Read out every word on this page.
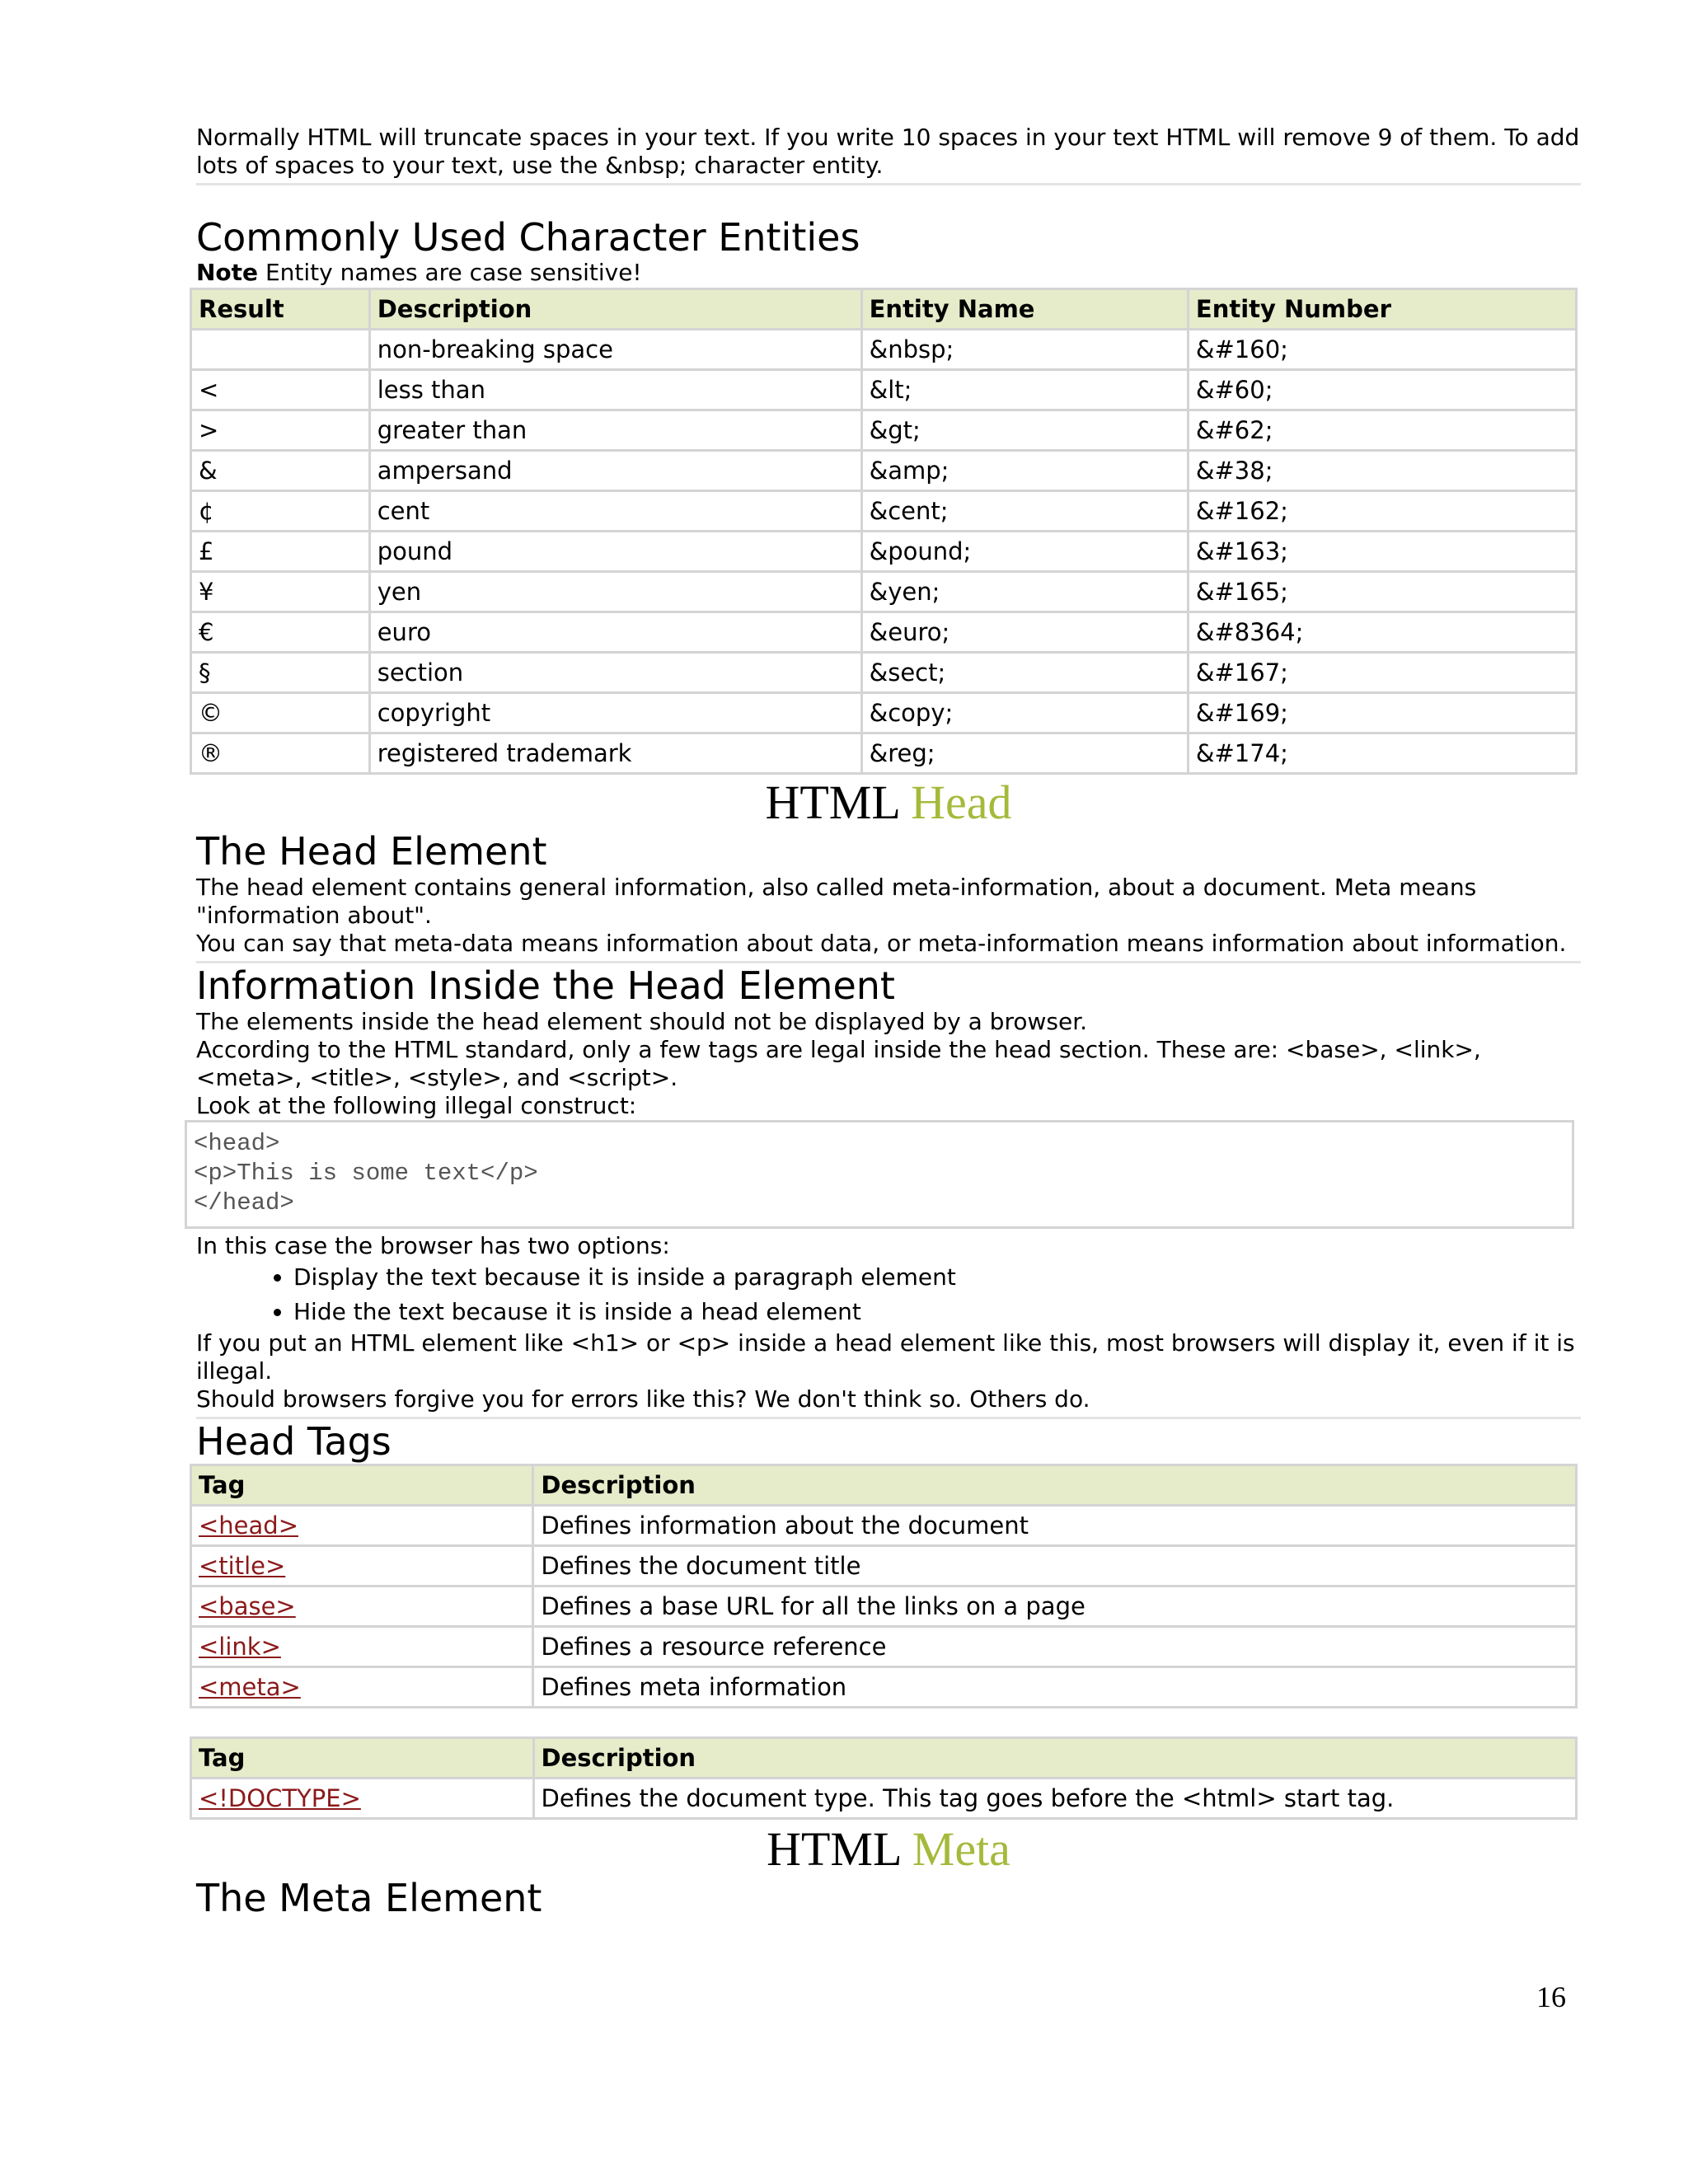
Normally HTML will truncate spaces in your text. If you write 10 spaces in your text HTML will remove 9 of them. To add lots of spaces to your text, use the &nbsp; character entity.

Commonly Used Character Entities

Note Entity names are case sensitive!

Result	Description	Entity Name	Entity Number
	non-breaking space	&nbsp;	&#160;
<	less than	&lt;	&#60;
>	greater than	&gt;	&#62;
&	ampersand	&amp;	&#38;
¢	cent	&cent;	&#162;
£	pound	&pound;	&#163;
¥	yen	&yen;	&#165;
€	euro	&euro;	&#8364;
§	section	&sect;	&#167;
©	copyright	&copy;	&#169;
®	registered trademark	&reg;	&#174;
HTML Head
The Head Element

The head element contains general information, also called meta-information, about a document. Meta means "information about".

You can say that meta-data means information about data, or meta-information means information about information.

Information Inside the Head Element

The elements inside the head element should not be displayed by a browser.

According to the HTML standard, only a few tags are legal inside the head section. These are: <base>, <link>, <meta>, <title>, <style>, and <script>.

Look at the following illegal construct:

<head>
<p>This is some text</p>
</head>

In this case the browser has two options:

• Display the text because it is inside a paragraph element
• Hide the text because it is inside a head element

If you put an HTML element like <h1> or <p> inside a head element like this, most browsers will display it, even if it is illegal.

Should browsers forgive you for errors like this? We don't think so. Others do.

Head Tags
Tag	Description
<head>	Defines information about the document
<title>	Defines the document title
<base>	Defines a base URL for all the links on a page
<link>	Defines a resource reference
<meta>	Defines meta information
Tag	Description
<!DOCTYPE>	Defines the document type. This tag goes before the <html> start tag.
HTML Meta
The Meta Element
16
